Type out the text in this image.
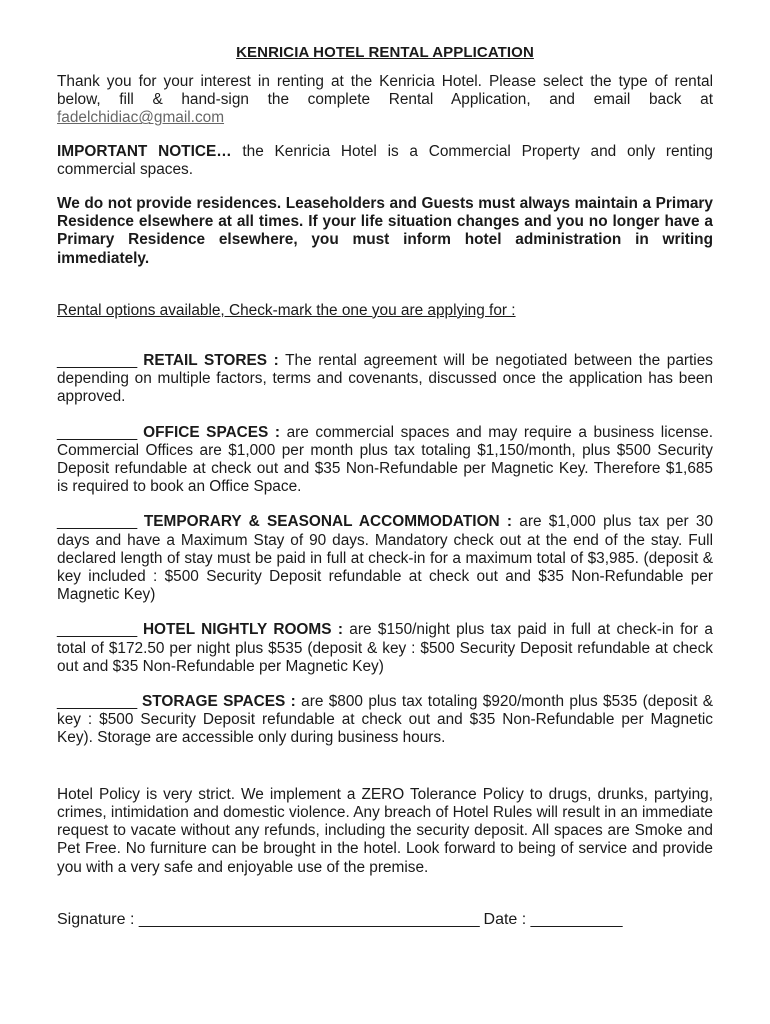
KENRICIA HOTEL RENTAL APPLICATION

Thank you for your interest in renting at the Kenricia Hotel. Please select the type of rental below, fill & hand-sign the complete Rental Application, and email back at fadelchidiac@gmail.com

IMPORTANT NOTICE… the Kenricia Hotel is a Commercial Property and only renting commercial spaces.

We do not provide residences. Leaseholders and Guests must always maintain a Primary Residence elsewhere at all times. If your life situation changes and you no longer have a Primary Residence elsewhere, you must inform hotel administration in writing immediately.

Rental options available, Check-mark the one you are applying for :

__________ RETAIL STORES : The rental agreement will be negotiated between the parties depending on multiple factors, terms and covenants, discussed once the application has been approved.

__________ OFFICE SPACES : are commercial spaces and may require a business license. Commercial Offices are $1,000 per month plus tax totaling $1,150/month, plus $500 Security Deposit refundable at check out and $35 Non-Refundable per Magnetic Key. Therefore $1,685 is required to book an Office Space.

__________ TEMPORARY & SEASONAL ACCOMMODATION : are $1,000 plus tax per 30 days and have a Maximum Stay of 90 days. Mandatory check out at the end of the stay. Full declared length of stay must be paid in full at check-in for a maximum total of $3,985. (deposit & key included : $500 Security Deposit refundable at check out and $35 Non-Refundable per Magnetic Key)

__________ HOTEL NIGHTLY ROOMS : are $150/night plus tax paid in full at check-in for a total of $172.50 per night plus $535 (deposit & key : $500 Security Deposit refundable at check out and $35 Non-Refundable per Magnetic Key)

__________ STORAGE SPACES : are $800 plus tax totaling $920/month plus $535 (deposit & key : $500 Security Deposit refundable at check out and $35 Non-Refundable per Magnetic Key). Storage are accessible only during business hours.

Hotel Policy is very strict. We implement a ZERO Tolerance Policy to drugs, drunks, partying, crimes, intimidation and domestic violence. Any breach of Hotel Rules will result in an immediate request to vacate without any refunds, including the security deposit. All spaces are Smoke and Pet Free. No furniture can be brought in the hotel. Look forward to being of service and provide you with a very safe and enjoyable use of the premise.

Signature : _________________________________________ Date : ___________
